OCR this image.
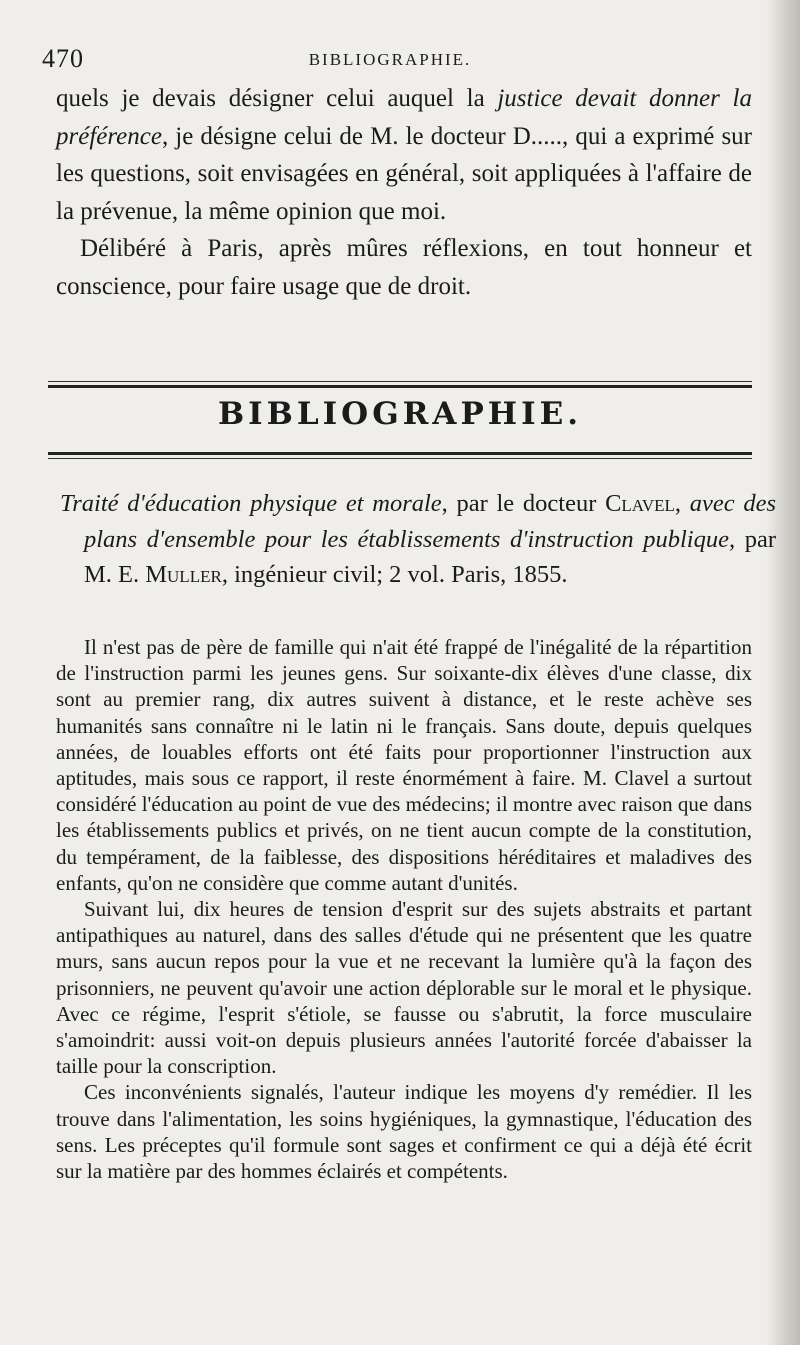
470	BIBLIOGRAPHIE.

quels je devais désigner celui auquel la justice devait donner la préférence, je désigne celui de M. le docteur D....., qui a exprimé sur les questions, soit envisagées en général, soit appliquées à l'affaire de la prévenue, la même opinion que moi.

Délibéré à Paris, après mûres réflexions, en tout honneur et conscience, pour faire usage que de droit.

BIBLIOGRAPHIE.
Traité d'éducation physique et morale, par le docteur Clavel, avec des plans d'ensemble pour les établissements d'instruction publique, par M. E. Muller, ingénieur civil; 2 vol. Paris, 1855.

Il n'est pas de père de famille qui n'ait été frappé de l'inégalité de la répartition de l'instruction parmi les jeunes gens. Sur soixante-dix élèves d'une classe, dix sont au premier rang, dix autres suivent à distance, et le reste achève ses humanités sans connaître ni le latin ni le français. Sans doute, depuis quelques années, de louables efforts ont été faits pour proportionner l'instruction aux aptitudes, mais sous ce rapport, il reste énormément à faire. M. Clavel a surtout considéré l'éducation au point de vue des médecins; il montre avec raison que dans les établissements publics et privés, on ne tient aucun compte de la constitution, du tempérament, de la faiblesse, des dispositions héréditaires et maladives des enfants, qu'on ne considère que comme autant d'unités.

Suivant lui, dix heures de tension d'esprit sur des sujets abstraits et partant antipathiques au naturel, dans des salles d'étude qui ne présentent que les quatre murs, sans aucun repos pour la vue et ne recevant la lumière qu'à la façon des prisonniers, ne peuvent qu'avoir une action déplorable sur le moral et le physique. Avec ce régime, l'esprit s'étiole, se fausse ou s'abrutit, la force musculaire s'amoindrit: aussi voit-on depuis plusieurs années l'autorité forcée d'abaisser la taille pour la conscription.

Ces inconvénients signalés, l'auteur indique les moyens d'y remédier. Il les trouve dans l'alimentation, les soins hygiéniques, la gymnastique, l'éducation des sens. Les préceptes qu'il formule sont sages et confirment ce qui a déjà été écrit sur la matière par des hommes éclairés et compétents.
